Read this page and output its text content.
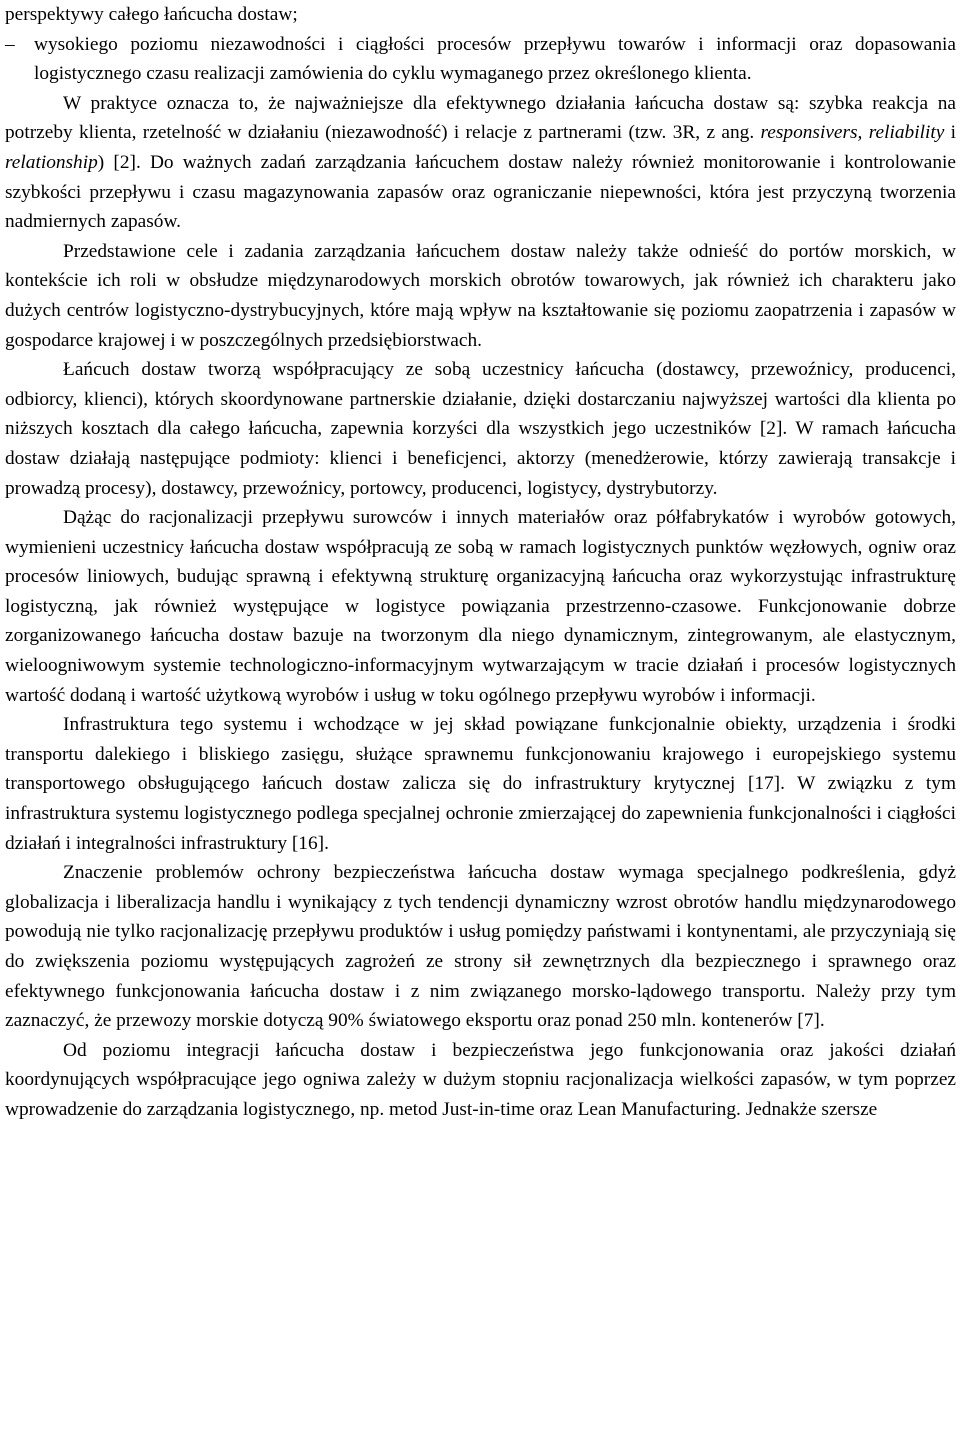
perspektywy całego łańcucha dostaw;

– wysokiego poziomu niezawodności i ciągłości procesów przepływu towarów i informacji oraz dopasowania logistycznego czasu realizacji zamówienia do cyklu wymaganego przez określonego klienta.

W praktyce oznacza to, że najważniejsze dla efektywnego działania łańcucha dostaw są: szybka reakcja na potrzeby klienta, rzetelność w działaniu (niezawodność) i relacje z partnerami (tzw. 3R, z ang. responsivers, reliability i relationship) [2]. Do ważnych zadań zarządzania łańcuchem dostaw należy również monitorowanie i kontrolowanie szybkości przepływu i czasu magazynowania zapasów oraz ograniczanie niepewności, która jest przyczyną tworzenia nadmiernych zapasów.

Przedstawione cele i zadania zarządzania łańcuchem dostaw należy także odnieść do portów morskich, w kontekście ich roli w obsłudze międzynarodowych morskich obrotów towarowych, jak również ich charakteru jako dużych centrów logistyczno-dystrybucyjnych, które mają wpływ na kształtowanie się poziomu zaopatrzenia i zapasów w gospodarce krajowej i w poszczególnych przedsiębiorstwach.

Łańcuch dostaw tworzą współpracujący ze sobą uczestnicy łańcucha (dostawcy, przewoźnicy, producenci, odbiorcy, klienci), których skoordynowane partnerskie działanie, dzięki dostarczaniu najwyższej wartości dla klienta po niższych kosztach dla całego łańcucha, zapewnia korzyści dla wszystkich jego uczestników [2]. W ramach łańcucha dostaw działają następujące podmioty: klienci i beneficjenci, aktorzy (menedżerowie, którzy zawierają transakcje i prowadzą procesy), dostawcy, przewoźnicy, portowcy, producenci, logistycy, dystrybutorzy.

Dążąc do racjonalizacji przepływu surowców i innych materiałów oraz półfabrykatów i wyrobów gotowych, wymienieni uczestnicy łańcucha dostaw współpracują ze sobą w ramach logistycznych punktów węzłowych, ogniw oraz procesów liniowych, budując sprawną i efektywną strukturę organizacyjną łańcucha oraz wykorzystując infrastrukturę logistyczną, jak również występujące w logistyce powiązania przestrzenno-czasowe. Funkcjonowanie dobrze zorganizowanego łańcucha dostaw bazuje na tworzonym dla niego dynamicznym, zintegrowanym, ale elastycznym, wieloogniwowym systemie technologiczno-informacyjnym wytwarzającym w tracie działań i procesów logistycznych wartość dodaną i wartość użytkową wyrobów i usług w toku ogólnego przepływu wyrobów i informacji.

Infrastruktura tego systemu i wchodzące w jej skład powiązane funkcjonalnie obiekty, urządzenia i środki transportu dalekiego i bliskiego zasięgu, służące sprawnemu funkcjonowaniu krajowego i europejskiego systemu transportowego obsługującego łańcuch dostaw zalicza się do infrastruktury krytycznej [17]. W związku z tym infrastruktura systemu logistycznego podlega specjalnej ochronie zmierzającej do zapewnienia funkcjonalności i ciągłości działań i integralności infrastruktury [16].

Znaczenie problemów ochrony bezpieczeństwa łańcucha dostaw wymaga specjalnego podkreślenia, gdyż globalizacja i liberalizacja handlu i wynikający z tych tendencji dynamiczny wzrost obrotów handlu międzynarodowego powodują nie tylko racjonalizację przepływu produktów i usług pomiędzy państwami i kontynentami, ale przyczyniają się do zwiększenia poziomu występujących zagrożeń ze strony sił zewnętrznych dla bezpiecznego i sprawnego oraz efektywnego funkcjonowania łańcucha dostaw i z nim związanego morsko-lądowego transportu. Należy przy tym zaznaczyć, że przewozy morskie dotyczą 90% światowego eksportu oraz ponad 250 mln. kontenerów [7].

Od poziomu integracji łańcucha dostaw i bezpieczeństwa jego funkcjonowania oraz jakości działań koordynujących współpracujące jego ogniwa zależy w dużym stopniu racjonalizacja wielkości zapasów, w tym poprzez wprowadzenie do zarządzania logistycznego, np. metod Just-in-time oraz Lean Manufacturing. Jednakże szersze
